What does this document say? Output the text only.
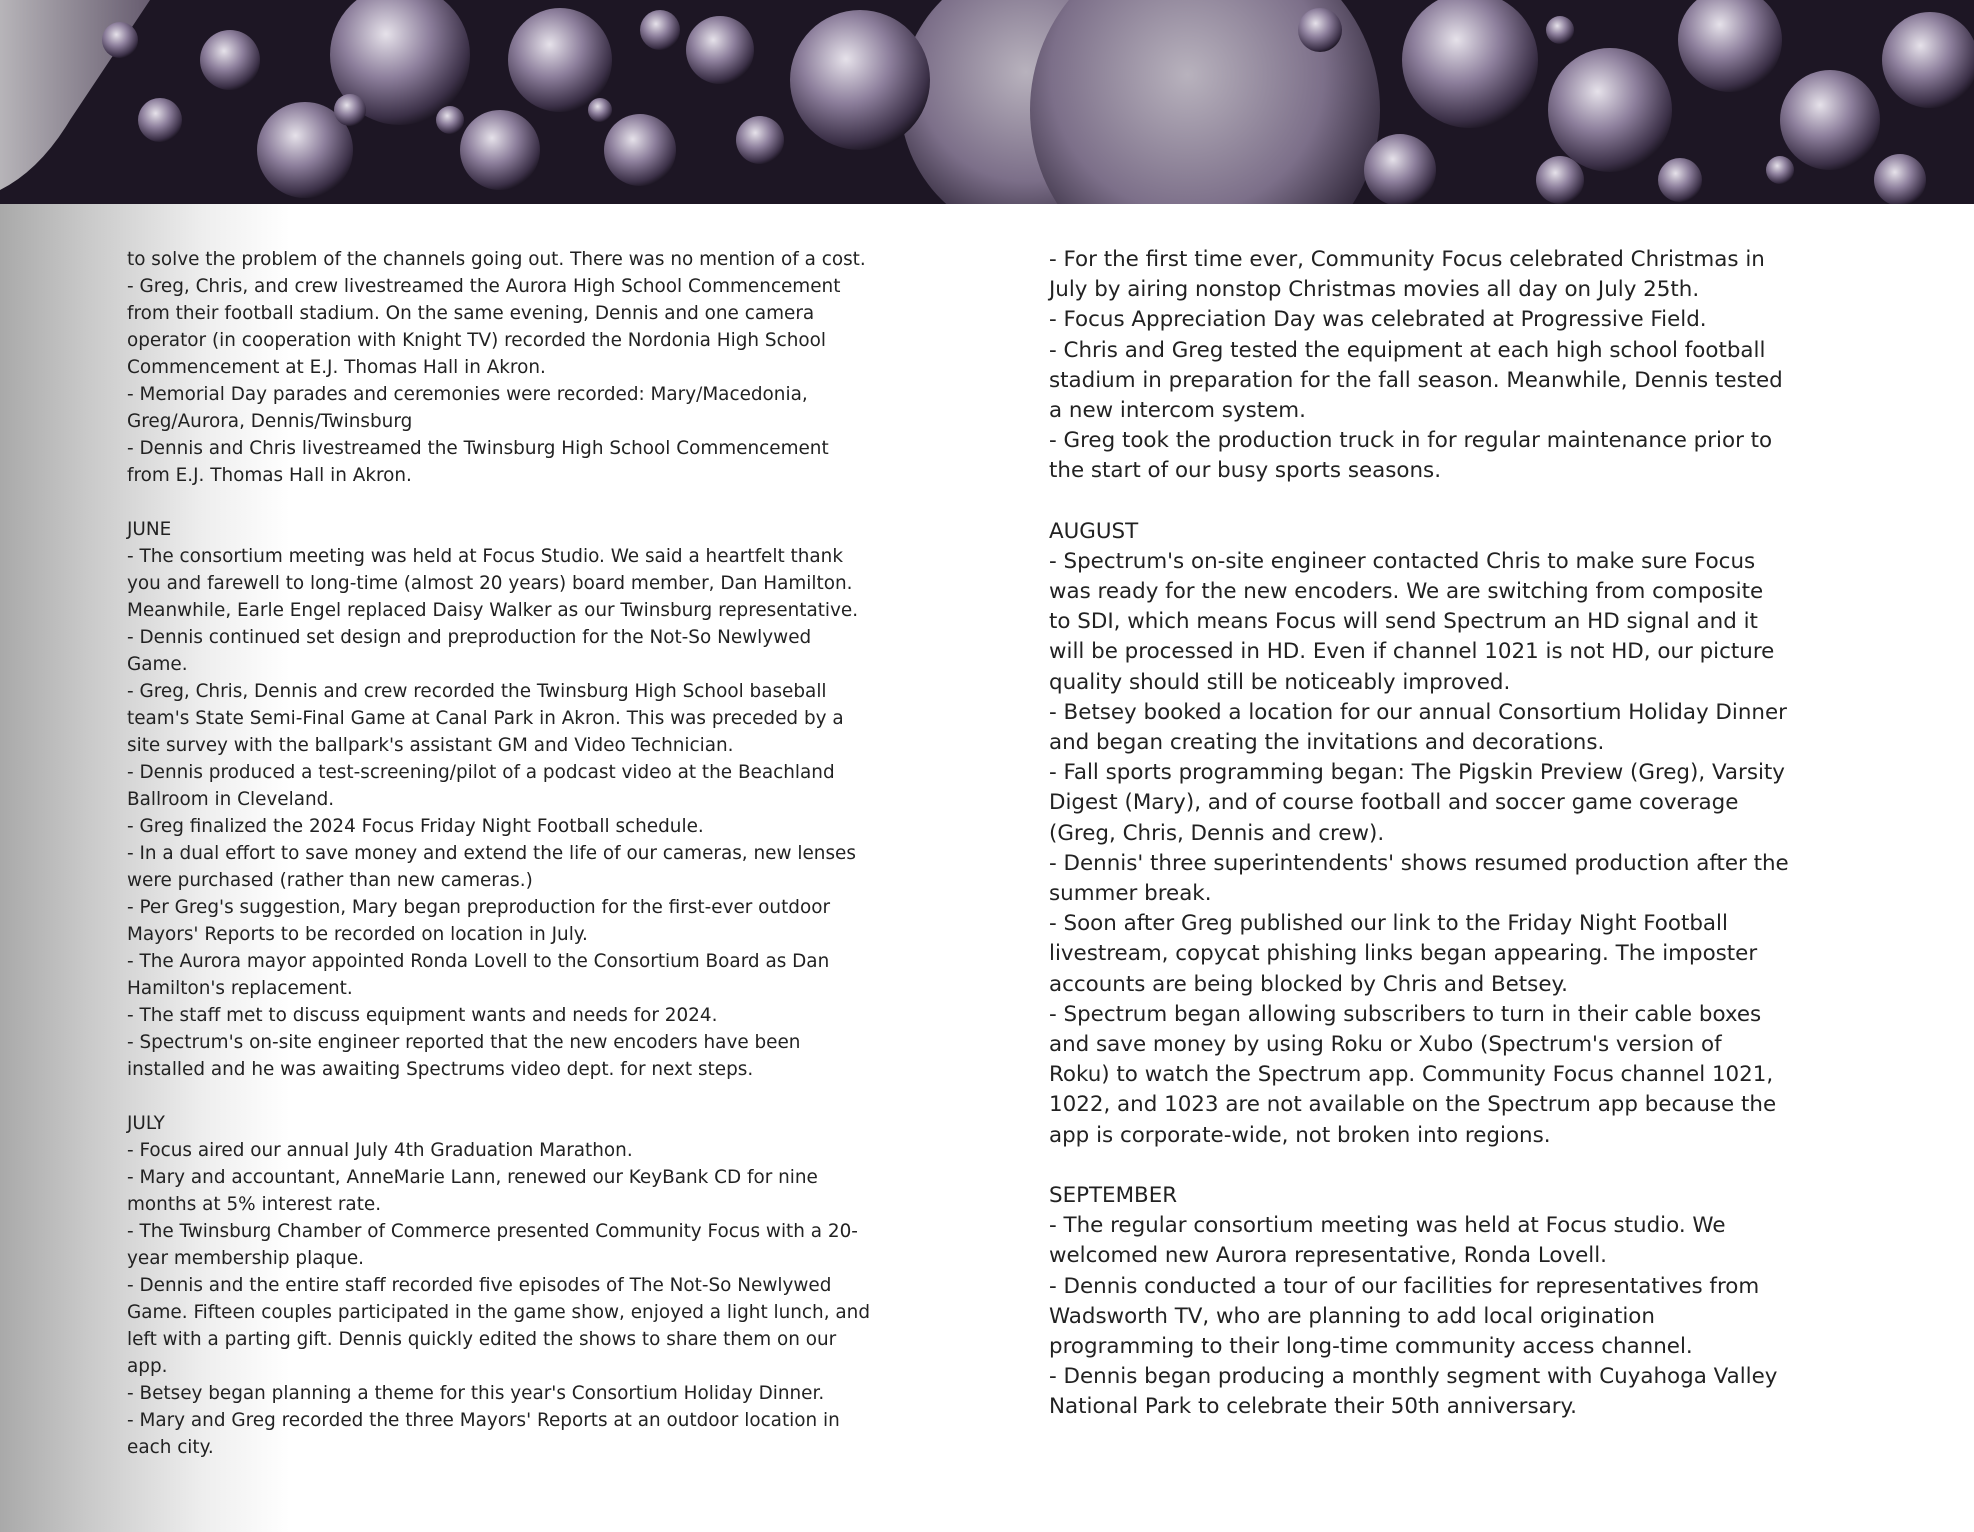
to solve the problem of the channels going out. There was no mention of a cost.

- Greg, Chris, and crew livestreamed the Aurora High School Commencement from their football stadium. On the same evening, Dennis and one camera operator (in cooperation with Knight TV) recorded the Nordonia High School Commencement at E.J. Thomas Hall in Akron.

- Memorial Day parades and ceremonies were recorded: Mary/Macedonia, Greg/Aurora, Dennis/Twinsburg

- Dennis and Chris livestreamed the Twinsburg High School Commencement from E.J. Thomas Hall in Akron.

JUNE

- The consortium meeting was held at Focus Studio. We said a heartfelt thank you and farewell to long-time (almost 20 years) board member, Dan Hamilton. Meanwhile, Earle Engel replaced Daisy Walker as our Twinsburg representative.

- Dennis continued set design and preproduction for the Not-So Newlywed Game.

- Greg, Chris, Dennis and crew recorded the Twinsburg High School baseball team's State Semi-Final Game at Canal Park in Akron. This was preceded by a site survey with the ballpark's assistant GM and Video Technician.

- Dennis produced a test-screening/pilot of a podcast video at the Beachland Ballroom in Cleveland.

- Greg finalized the 2024 Focus Friday Night Football schedule.

- In a dual effort to save money and extend the life of our cameras, new lenses were purchased (rather than new cameras.)

- Per Greg's suggestion, Mary began preproduction for the first-ever outdoor Mayors' Reports to be recorded on location in July.

- The Aurora mayor appointed Ronda Lovell to the Consortium Board as Dan Hamilton's replacement.

- The staff met to discuss equipment wants and needs for 2024.

- Spectrum's on-site engineer reported that the new encoders have been installed and he was awaiting Spectrums video dept. for next steps.

JULY

- Focus aired our annual July 4th Graduation Marathon.

- Mary and accountant, AnneMarie Lann, renewed our KeyBank CD for nine months at 5% interest rate.

- The Twinsburg Chamber of Commerce presented Community Focus with a 20-year membership plaque.

- Dennis and the entire staff recorded five episodes of The Not-So Newlywed Game. Fifteen couples participated in the game show, enjoyed a light lunch, and left with a parting gift. Dennis quickly edited the shows to share them on our app.

- Betsey began planning a theme for this year's Consortium Holiday Dinner.

- Mary and Greg recorded the three Mayors' Reports at an outdoor location in each city.

- For the first time ever, Community Focus celebrated Christmas in July by airing nonstop Christmas movies all day on July 25th.

- Focus Appreciation Day was celebrated at Progressive Field.

- Chris and Greg tested the equipment at each high school football stadium in preparation for the fall season. Meanwhile, Dennis tested a new intercom system.

- Greg took the production truck in for regular maintenance prior to the start of our busy sports seasons.

AUGUST

- Spectrum's on-site engineer contacted Chris to make sure Focus was ready for the new encoders. We are switching from composite to SDI, which means Focus will send Spectrum an HD signal and it will be processed in HD. Even if channel 1021 is not HD, our picture quality should still be noticeably improved.

- Betsey booked a location for our annual Consortium Holiday Dinner and began creating the invitations and decorations.

- Fall sports programming began: The Pigskin Preview (Greg), Varsity Digest (Mary), and of course football and soccer game coverage (Greg, Chris, Dennis and crew).

- Dennis' three superintendents' shows resumed production after the summer break.

- Soon after Greg published our link to the Friday Night Football livestream, copycat phishing links began appearing. The imposter accounts are being blocked by Chris and Betsey.

- Spectrum began allowing subscribers to turn in their cable boxes and save money by using Roku or Xubo (Spectrum's version of Roku) to watch the Spectrum app. Community Focus channel 1021, 1022, and 1023 are not available on the Spectrum app because the app is corporate-wide, not broken into regions.

SEPTEMBER

- The regular consortium meeting was held at Focus studio. We welcomed new Aurora representative, Ronda Lovell.

- Dennis conducted a tour of our facilities for representatives from Wadsworth TV, who are planning to add local origination programming to their long-time community access channel.

- Dennis began producing a monthly segment with Cuyahoga Valley National Park to celebrate their 50th anniversary.
